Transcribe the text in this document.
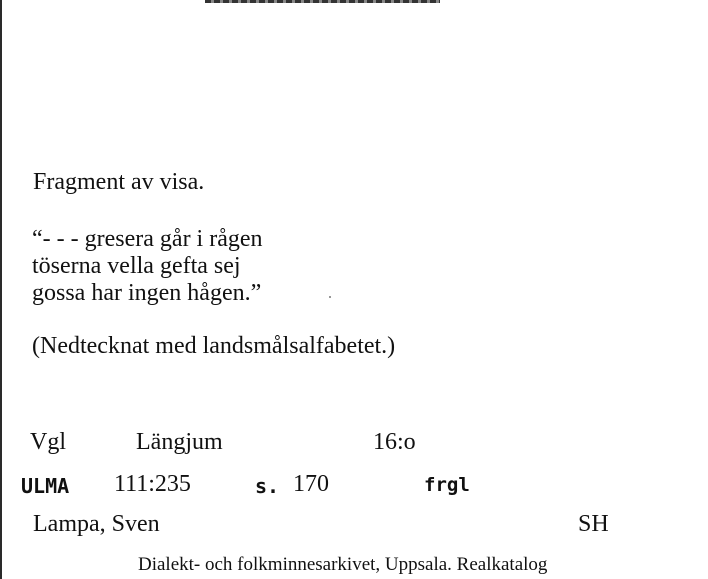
Fragment av visa.
“- - - gresera går i rågen
töserna vella gefta sej
gossa har ingen hågen.”
(Nedtecknat med landsmålsalfabetet.)
Vgl	Längjum	16:o
ULMA 111:235	s. 170	frgl
Lampa, Sven	SH
Dialekt- och folkminnesarkivet, Uppsala. Realkatalog
